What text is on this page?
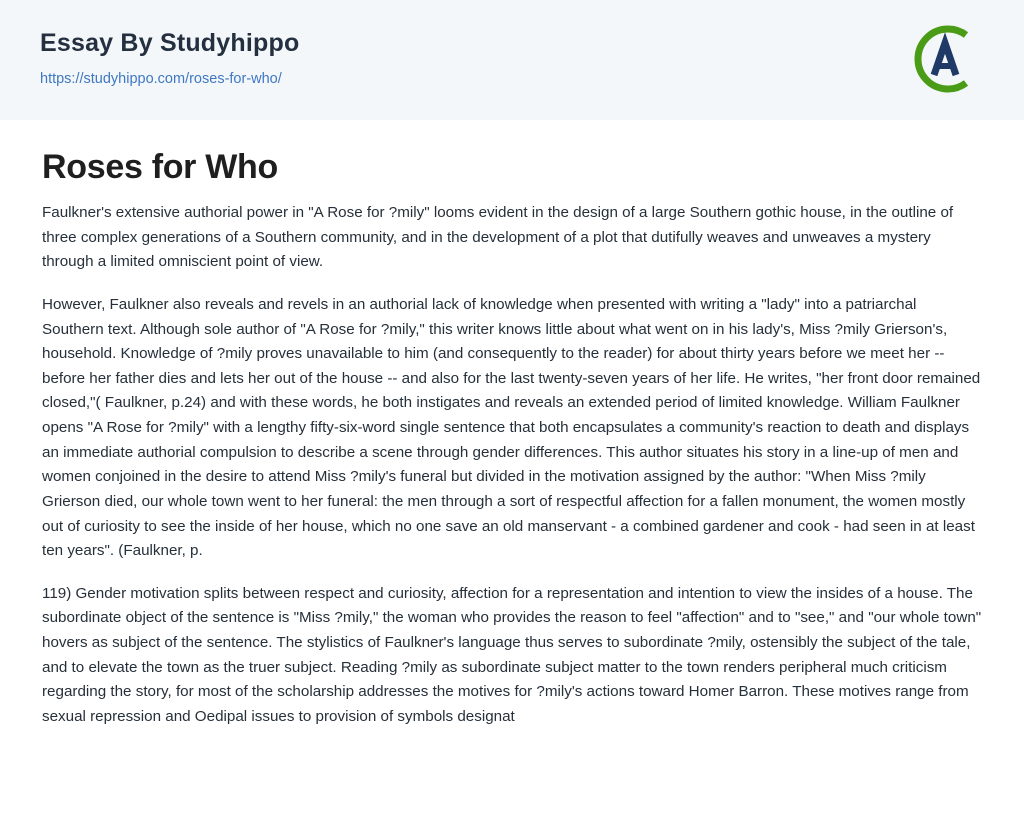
Essay By Studyhippo
https://studyhippo.com/roses-for-who/
Roses for Who

Faulkner's extensive authorial power in "A Rose for ?mily" looms evident in the design of a large Southern gothic house, in the outline of three complex generations of a Southern community, and in the development of a plot that dutifully weaves and unweaves a mystery through a limited omniscient point of view.

However, Faulkner also reveals and revels in an authorial lack of knowledge when presented with writing a "lady" into a patriarchal Southern text. Although sole author of "A Rose for ?mily," this writer knows little about what went on in his lady's, Miss ?mily Grierson's, household. Knowledge of ?mily proves unavailable to him (and consequently to the reader) for about thirty years before we meet her -- before her father dies and lets her out of the house -- and also for the last twenty-seven years of her life. He writes, "her front door remained closed,"( Faulkner, p.24) and with these words, he both instigates and reveals an extended period of limited knowledge. William Faulkner opens "A Rose for ?mily" with a lengthy fifty-six-word single sentence that both encapsulates a community's reaction to death and displays an immediate authorial compulsion to describe a scene through gender differences. This author situates his story in a line-up of men and women conjoined in the desire to attend Miss ?mily's funeral but divided in the motivation assigned by the author: "When Miss ?mily Grierson died, our whole town went to her funeral: the men through a sort of respectful affection for a fallen monument, the women mostly out of curiosity to see the inside of her house, which no one save an old manservant - a combined gardener and cook - had seen in at least ten years". (Faulkner, p.

119) Gender motivation splits between respect and curiosity, affection for a representation and intention to view the insides of a house. The subordinate object of the sentence is "Miss ?mily," the woman who provides the reason to feel "affection" and to "see," and "our whole town" hovers as subject of the sentence. The stylistics of Faulkner's language thus serves to subordinate ?mily, ostensibly the subject of the tale, and to elevate the town as the truer subject. Reading ?mily as subordinate subject matter to the town renders peripheral much criticism regarding the story, for most of the scholarship addresses the motives for ?mily's actions toward Homer Barron. These motives range from sexual repression and Oedipal issues to provision of symbols designat
